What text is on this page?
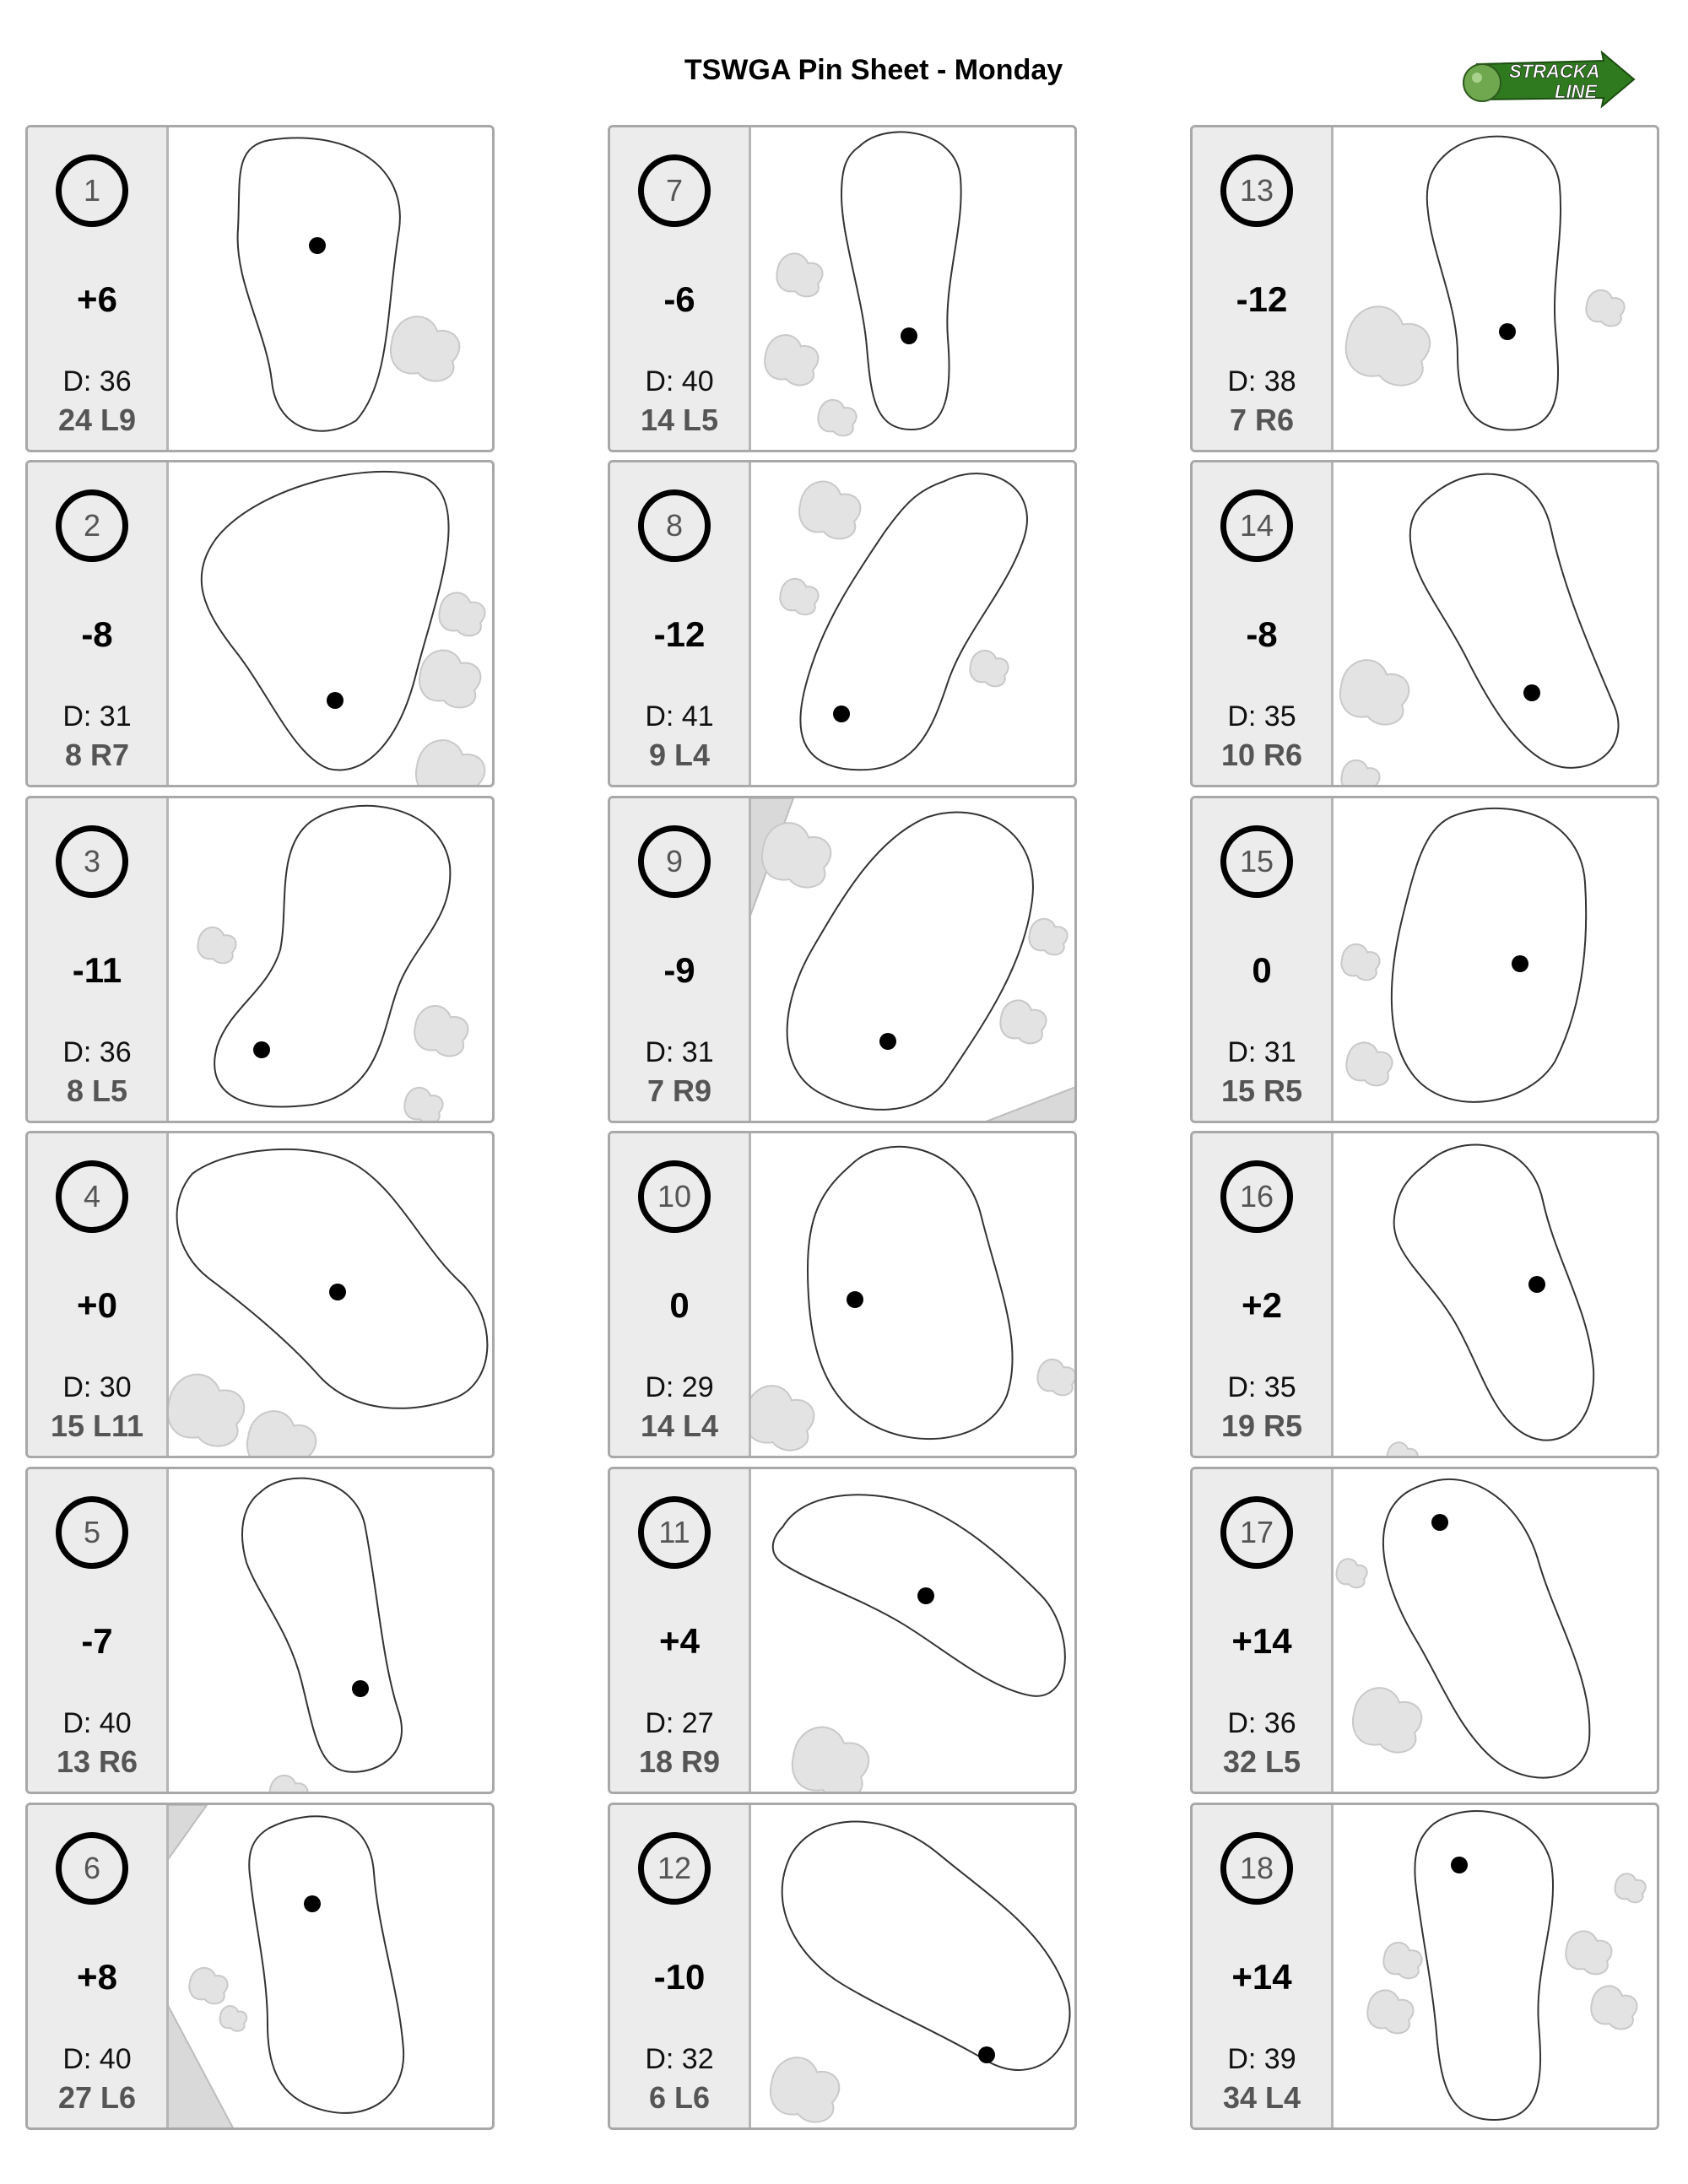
TSWGA Pin Sheet - Monday	STRACKA
LINE
1
+6
D: 36
24 L9
2
-8
D: 31
8 R7
3
-11
D: 36
8 L5
4
+0
D: 30
15 L11
5
-7
D: 40
13 R6
6
+8
D: 40
27 L6
7
-6
D: 40
14 L5
8
-12
D: 41
9 L4
9
-9
D: 31
7 R9
10
0
D: 29
14 L4
11
+4
D: 27
18 R9
12
-10
D: 32
6 L6
13
-12
D: 38
7 R6
14
-8
D: 35
10 R6
15
0
D: 31
15 R5
16
+2
D: 35
19 R5
17
+14
D: 36
32 L5
18
+14
D: 39
34 L4
